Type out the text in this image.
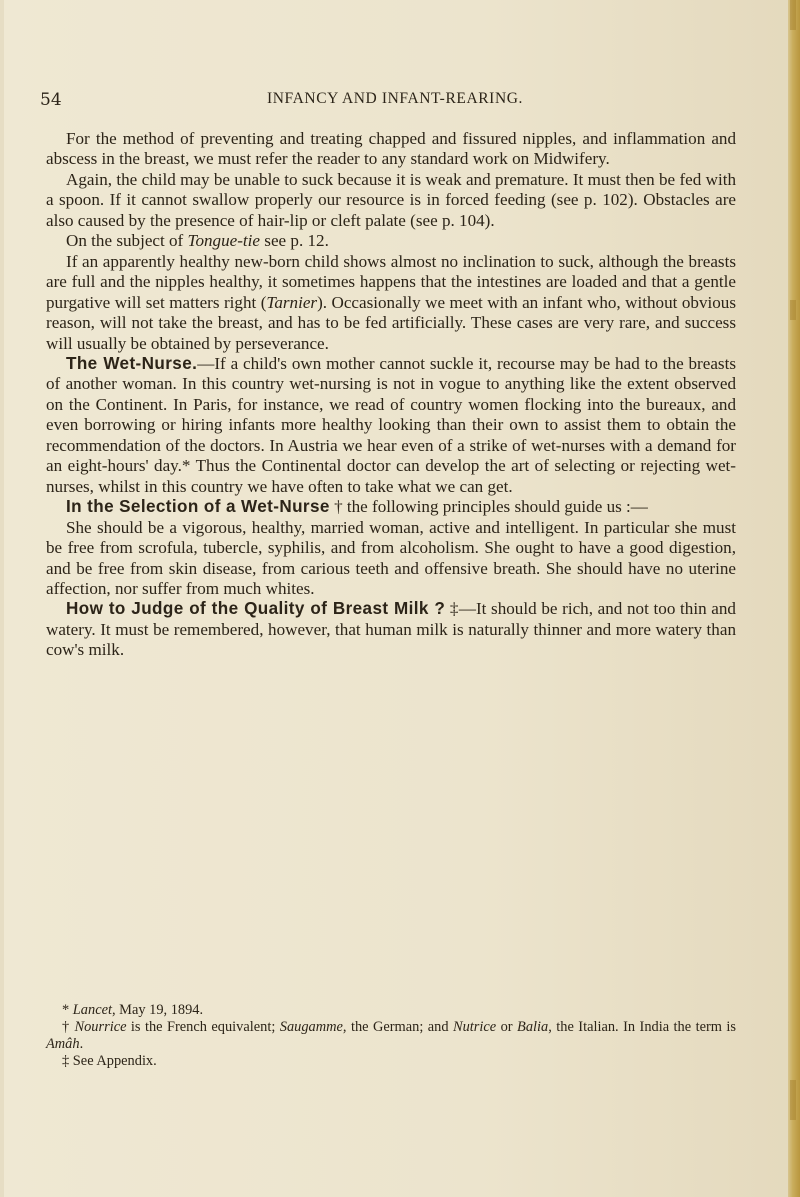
54	INFANCY AND INFANT-REARING.

For the method of preventing and treating chapped and fissured nipples, and inflammation and abscess in the breast, we must refer the reader to any standard work on Midwifery.

Again, the child may be unable to suck because it is weak and premature. It must then be fed with a spoon. If it cannot swallow properly our resource is in forced feeding (see p. 102). Obstacles are also caused by the presence of hair-lip or cleft palate (see p. 104).

On the subject of Tongue-tie see p. 12.

If an apparently healthy new-born child shows almost no inclination to suck, although the breasts are full and the nipples healthy, it sometimes happens that the intestines are loaded and that a gentle purgative will set matters right (Tarnier). Occasionally we meet with an infant who, without obvious reason, will not take the breast, and has to be fed artificially. These cases are very rare, and success will usually be obtained by perseverance.

The Wet-Nurse.—If a child's own mother cannot suckle it, recourse may be had to the breasts of another woman. In this country wet-nursing is not in vogue to anything like the extent observed on the Continent. In Paris, for instance, we read of country women flocking into the bureaux, and even borrowing or hiring infants more healthy looking than their own to assist them to obtain the recommendation of the doctors. In Austria we hear even of a strike of wet-nurses with a demand for an eight-hours' day.* Thus the Continental doctor can develop the art of selecting or rejecting wet-nurses, whilst in this country we have often to take what we can get.

In the Selection of a Wet-Nurse † the following principles should guide us :—

She should be a vigorous, healthy, married woman, active and intelligent. In particular she must be free from scrofula, tubercle, syphilis, and from alcoholism. She ought to have a good digestion, and be free from skin disease, from carious teeth and offensive breath. She should have no uterine affection, nor suffer from much whites.

How to Judge of the Quality of Breast Milk ? ‡—It should be rich, and not too thin and watery. It must be remembered, however, that human milk is naturally thinner and more watery than cow's milk.

* Lancet, May 19, 1894.

† Nourrice is the French equivalent; Saugamme, the German; and Nutrice or Balia, the Italian. In India the term is Amâh.

‡ See Appendix.
